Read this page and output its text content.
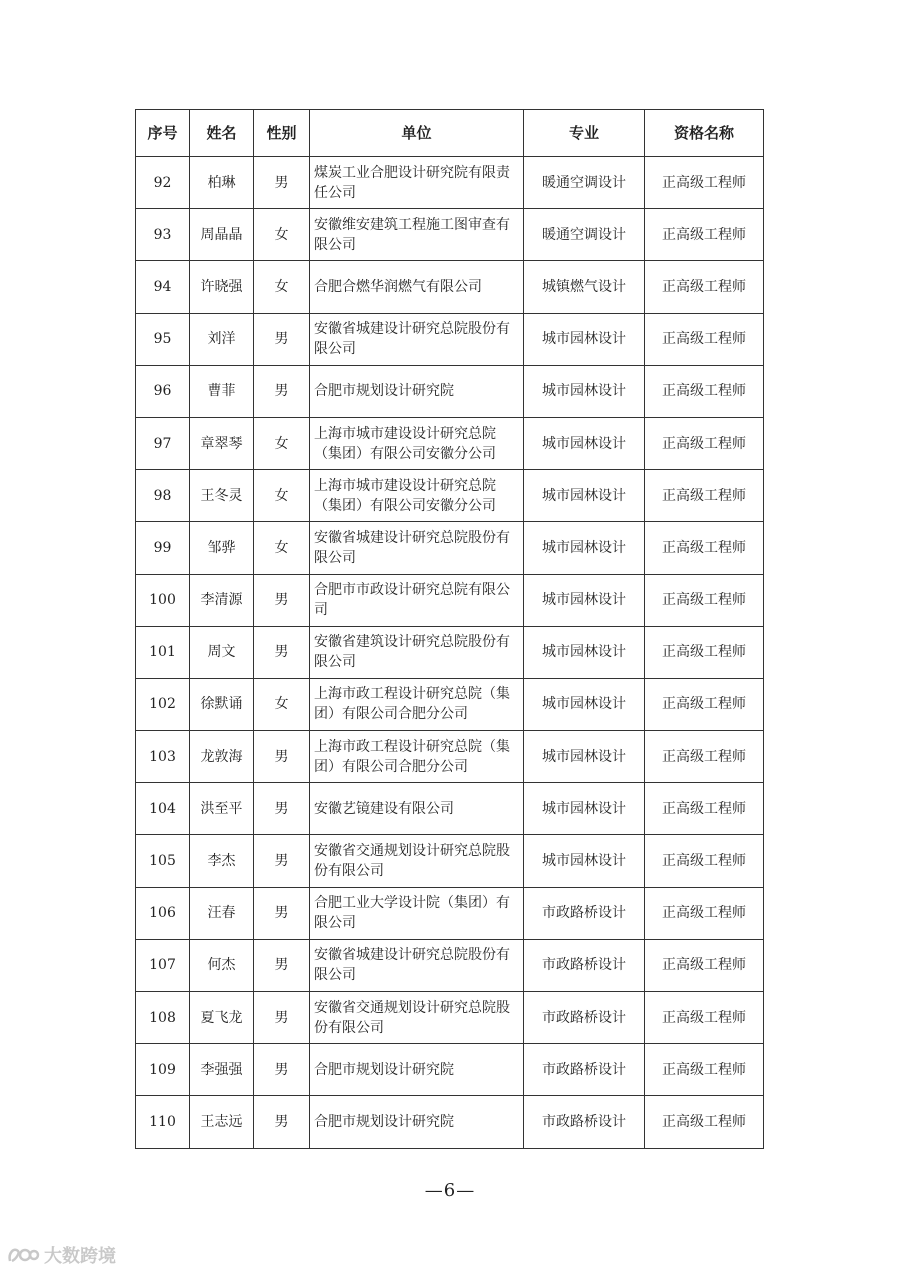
序号	姓名	性别	单位	专业	资格名称
92	柏琳	男	煤炭工业合肥设计研究院有限责任公司	暖通空调设计	正高级工程师
93	周晶晶	女	安徽维安建筑工程施工图审查有限公司	暖通空调设计	正高级工程师
94	许晓强	女	合肥合燃华润燃气有限公司	城镇燃气设计	正高级工程师
95	刘洋	男	安徽省城建设计研究总院股份有限公司	城市园林设计	正高级工程师
96	曹菲	男	合肥市规划设计研究院	城市园林设计	正高级工程师
97	章翠琴	女	上海市城市建设设计研究总院（集团）有限公司安徽分公司	城市园林设计	正高级工程师
98	王冬灵	女	上海市城市建设设计研究总院（集团）有限公司安徽分公司	城市园林设计	正高级工程师
99	邹骅	女	安徽省城建设计研究总院股份有限公司	城市园林设计	正高级工程师
100	李清源	男	合肥市市政设计研究总院有限公司	城市园林设计	正高级工程师
101	周文	男	安徽省建筑设计研究总院股份有限公司	城市园林设计	正高级工程师
102	徐默诵	女	上海市政工程设计研究总院（集团）有限公司合肥分公司	城市园林设计	正高级工程师
103	龙敦海	男	上海市政工程设计研究总院（集团）有限公司合肥分公司	城市园林设计	正高级工程师
104	洪至平	男	安徽艺镜建设有限公司	城市园林设计	正高级工程师
105	李杰	男	安徽省交通规划设计研究总院股份有限公司	城市园林设计	正高级工程师
106	汪春	男	合肥工业大学设计院（集团）有限公司	市政路桥设计	正高级工程师
107	何杰	男	安徽省城建设计研究总院股份有限公司	市政路桥设计	正高级工程师
108	夏飞龙	男	安徽省交通规划设计研究总院股份有限公司	市政路桥设计	正高级工程师
109	李强强	男	合肥市规划设计研究院	市政路桥设计	正高级工程师
110	王志远	男	合肥市规划设计研究院	市政路桥设计	正高级工程师
—6—
大数跨境
